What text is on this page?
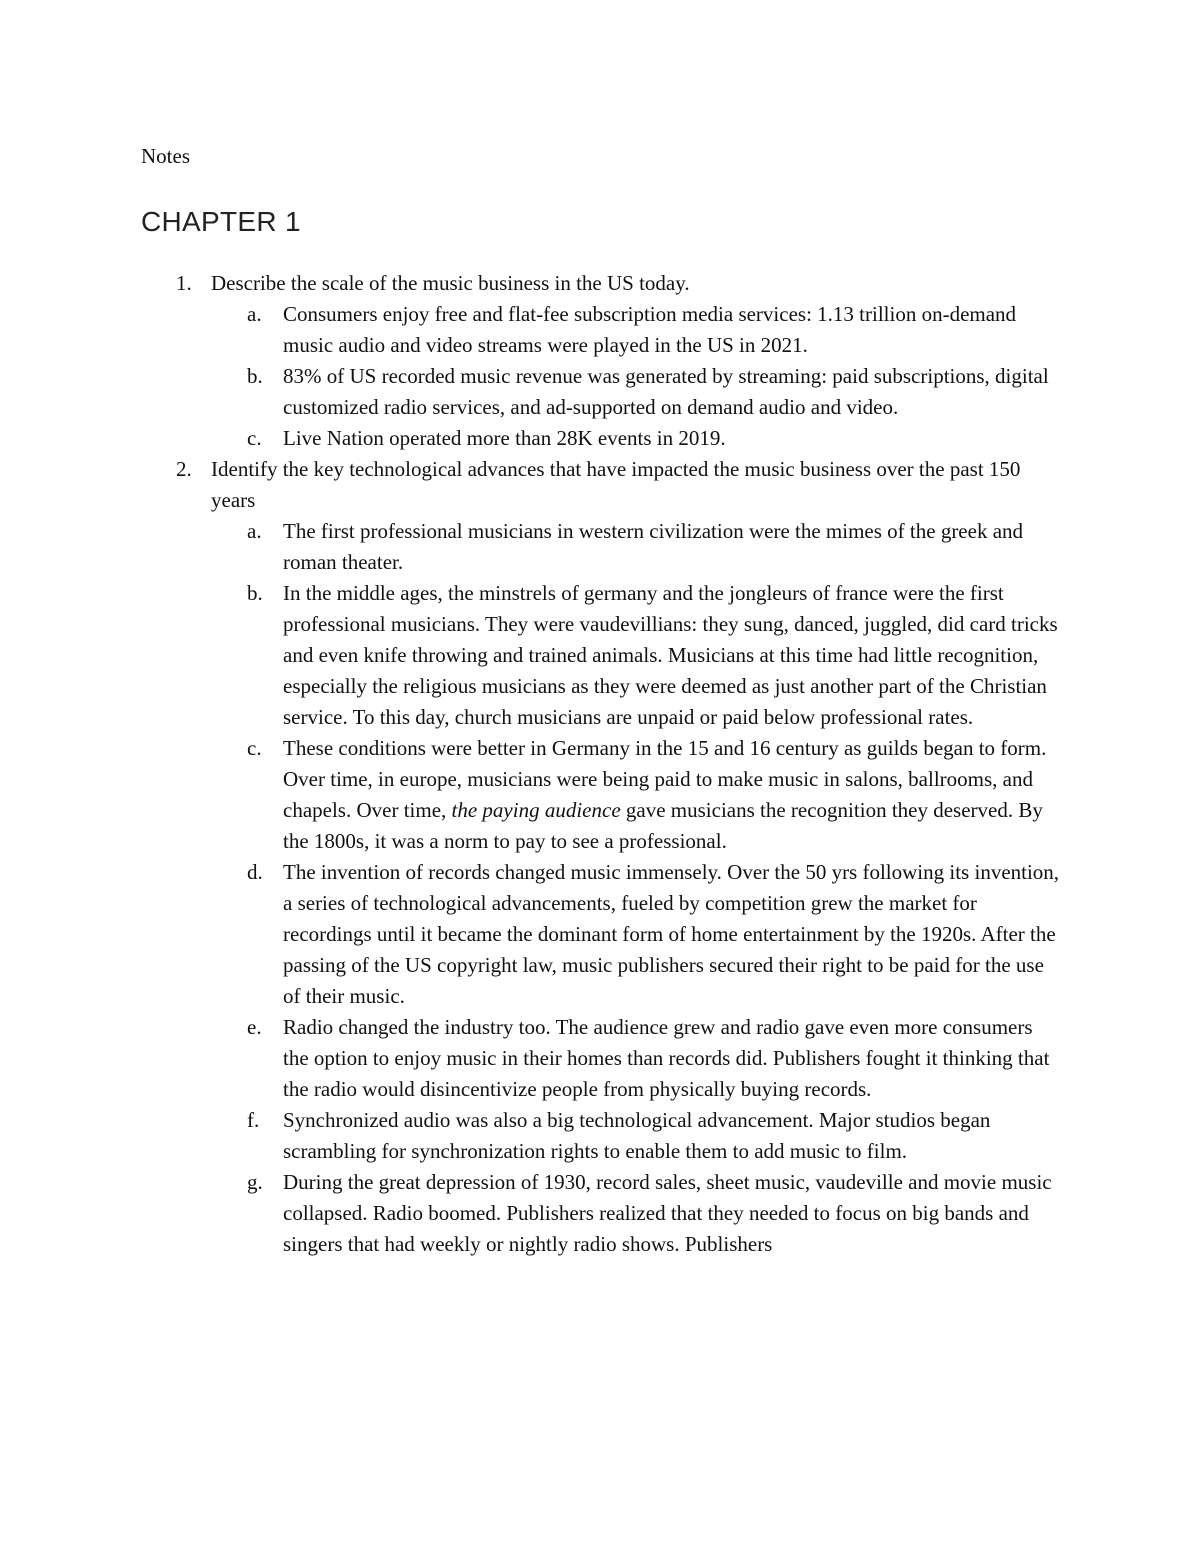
Notes

CHAPTER 1
1. Describe the scale of the music business in the US today.
a. Consumers enjoy free and flat-fee subscription media services: 1.13 trillion on-demand music audio and video streams were played in the US in 2021.
b. 83% of US recorded music revenue was generated by streaming: paid subscriptions, digital customized radio services, and ad-supported on demand audio and video.
c. Live Nation operated more than 28K events in 2019.
2. Identify the key technological advances that have impacted the music business over the past 150 years
a. The first professional musicians in western civilization were the mimes of the greek and roman theater.
b. In the middle ages, the minstrels of germany and the jongleurs of france were the first professional musicians. They were vaudevillians: they sung, danced, juggled, did card tricks and even knife throwing and trained animals. Musicians at this time had little recognition, especially the religious musicians as they were deemed as just another part of the Christian service. To this day, church musicians are unpaid or paid below professional rates.
c. These conditions were better in Germany in the 15 and 16 century as guilds began to form. Over time, in europe, musicians were being paid to make music in salons, ballrooms, and chapels. Over time, the paying audience gave musicians the recognition they deserved. By the 1800s, it was a norm to pay to see a professional.
d. The invention of records changed music immensely. Over the 50 yrs following its invention, a series of technological advancements, fueled by competition grew the market for recordings until it became the dominant form of home entertainment by the 1920s. After the passing of the US copyright law, music publishers secured their right to be paid for the use of their music.
e. Radio changed the industry too. The audience grew and radio gave even more consumers the option to enjoy music in their homes than records did. Publishers fought it thinking that the radio would disincentivize people from physically buying records.
f. Synchronized audio was also a big technological advancement. Major studios began scrambling for synchronization rights to enable them to add music to film.
g. During the great depression of 1930, record sales, sheet music, vaudeville and movie music collapsed. Radio boomed. Publishers realized that they needed to focus on big bands and singers that had weekly or nightly radio shows. Publishers
